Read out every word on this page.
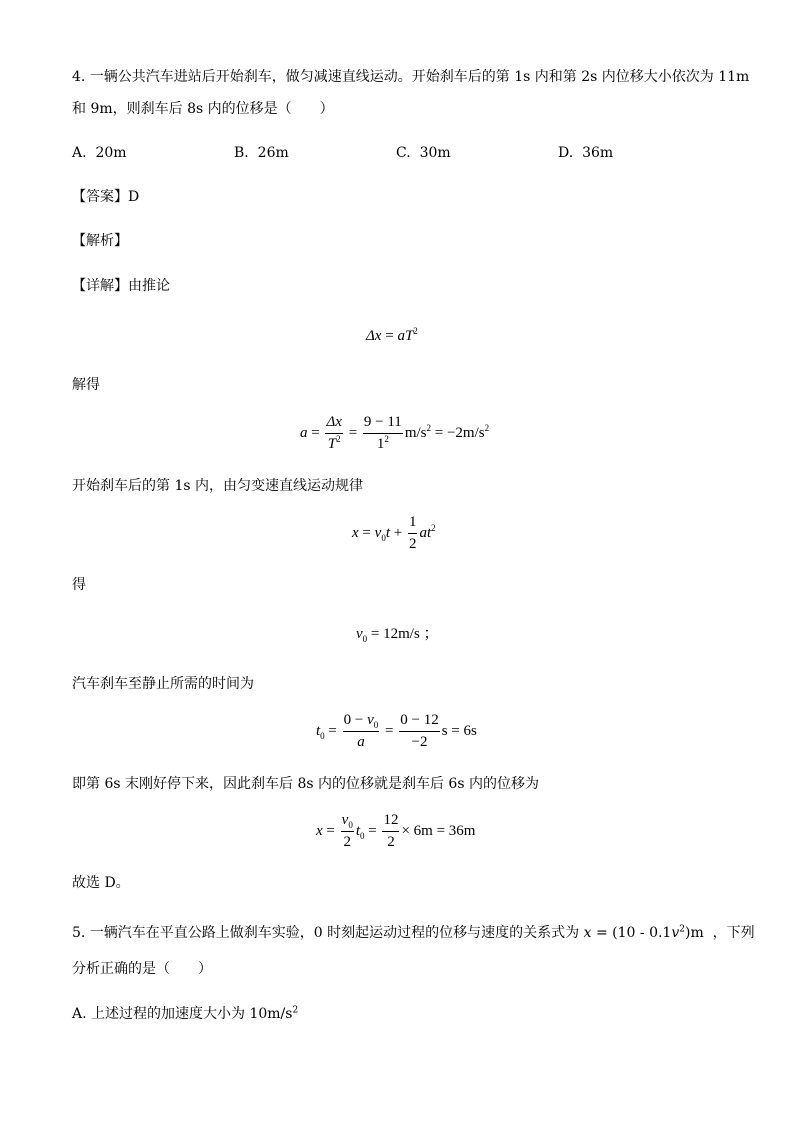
4. 一辆公共汽车进站后开始刹车，做匀减速直线运动。开始刹车后的第 1s 内和第 2s 内位移大小依次为 11m
和 9m，则刹车后 8s 内的位移是（　　）
A. 20m	B. 26m	C. 30m	D. 36m
【答案】D
【解析】
【详解】由推论
$\Delta x = aT^2$
解得
$a = \frac{\Delta x}{T^2} = \frac{9 - 11}{1^2} m/s^2 = -2m/s^2$
开始刹车后的第 1s 内，由匀变速直线运动规律
$x = v_0t + \frac{1}{2} at^2$
得
$v_0 = 12m/s$ ；
汽车刹车至静止所需的时间为
$t_0 = \frac{0 - v_0}{a} = \frac{0 - 12}{-2}$ s = 6s
即第 6s 末刚好停下来，因此刹车后 8s 内的位移就是刹车后 6s 内的位移为
$x = \frac{v_0}{2} t_0 = \frac{12}{2} \times 6m = 36m$
故选 D。
5. 一辆汽车在平直公路上做刹车实验，0 时刻起运动过程的位移与速度的关系式为 $x = (10 - 0.1v^2)m$ ，下列
分析正确的是（　　）
A. 上述过程的加速度大小为 $10m/s^2$
